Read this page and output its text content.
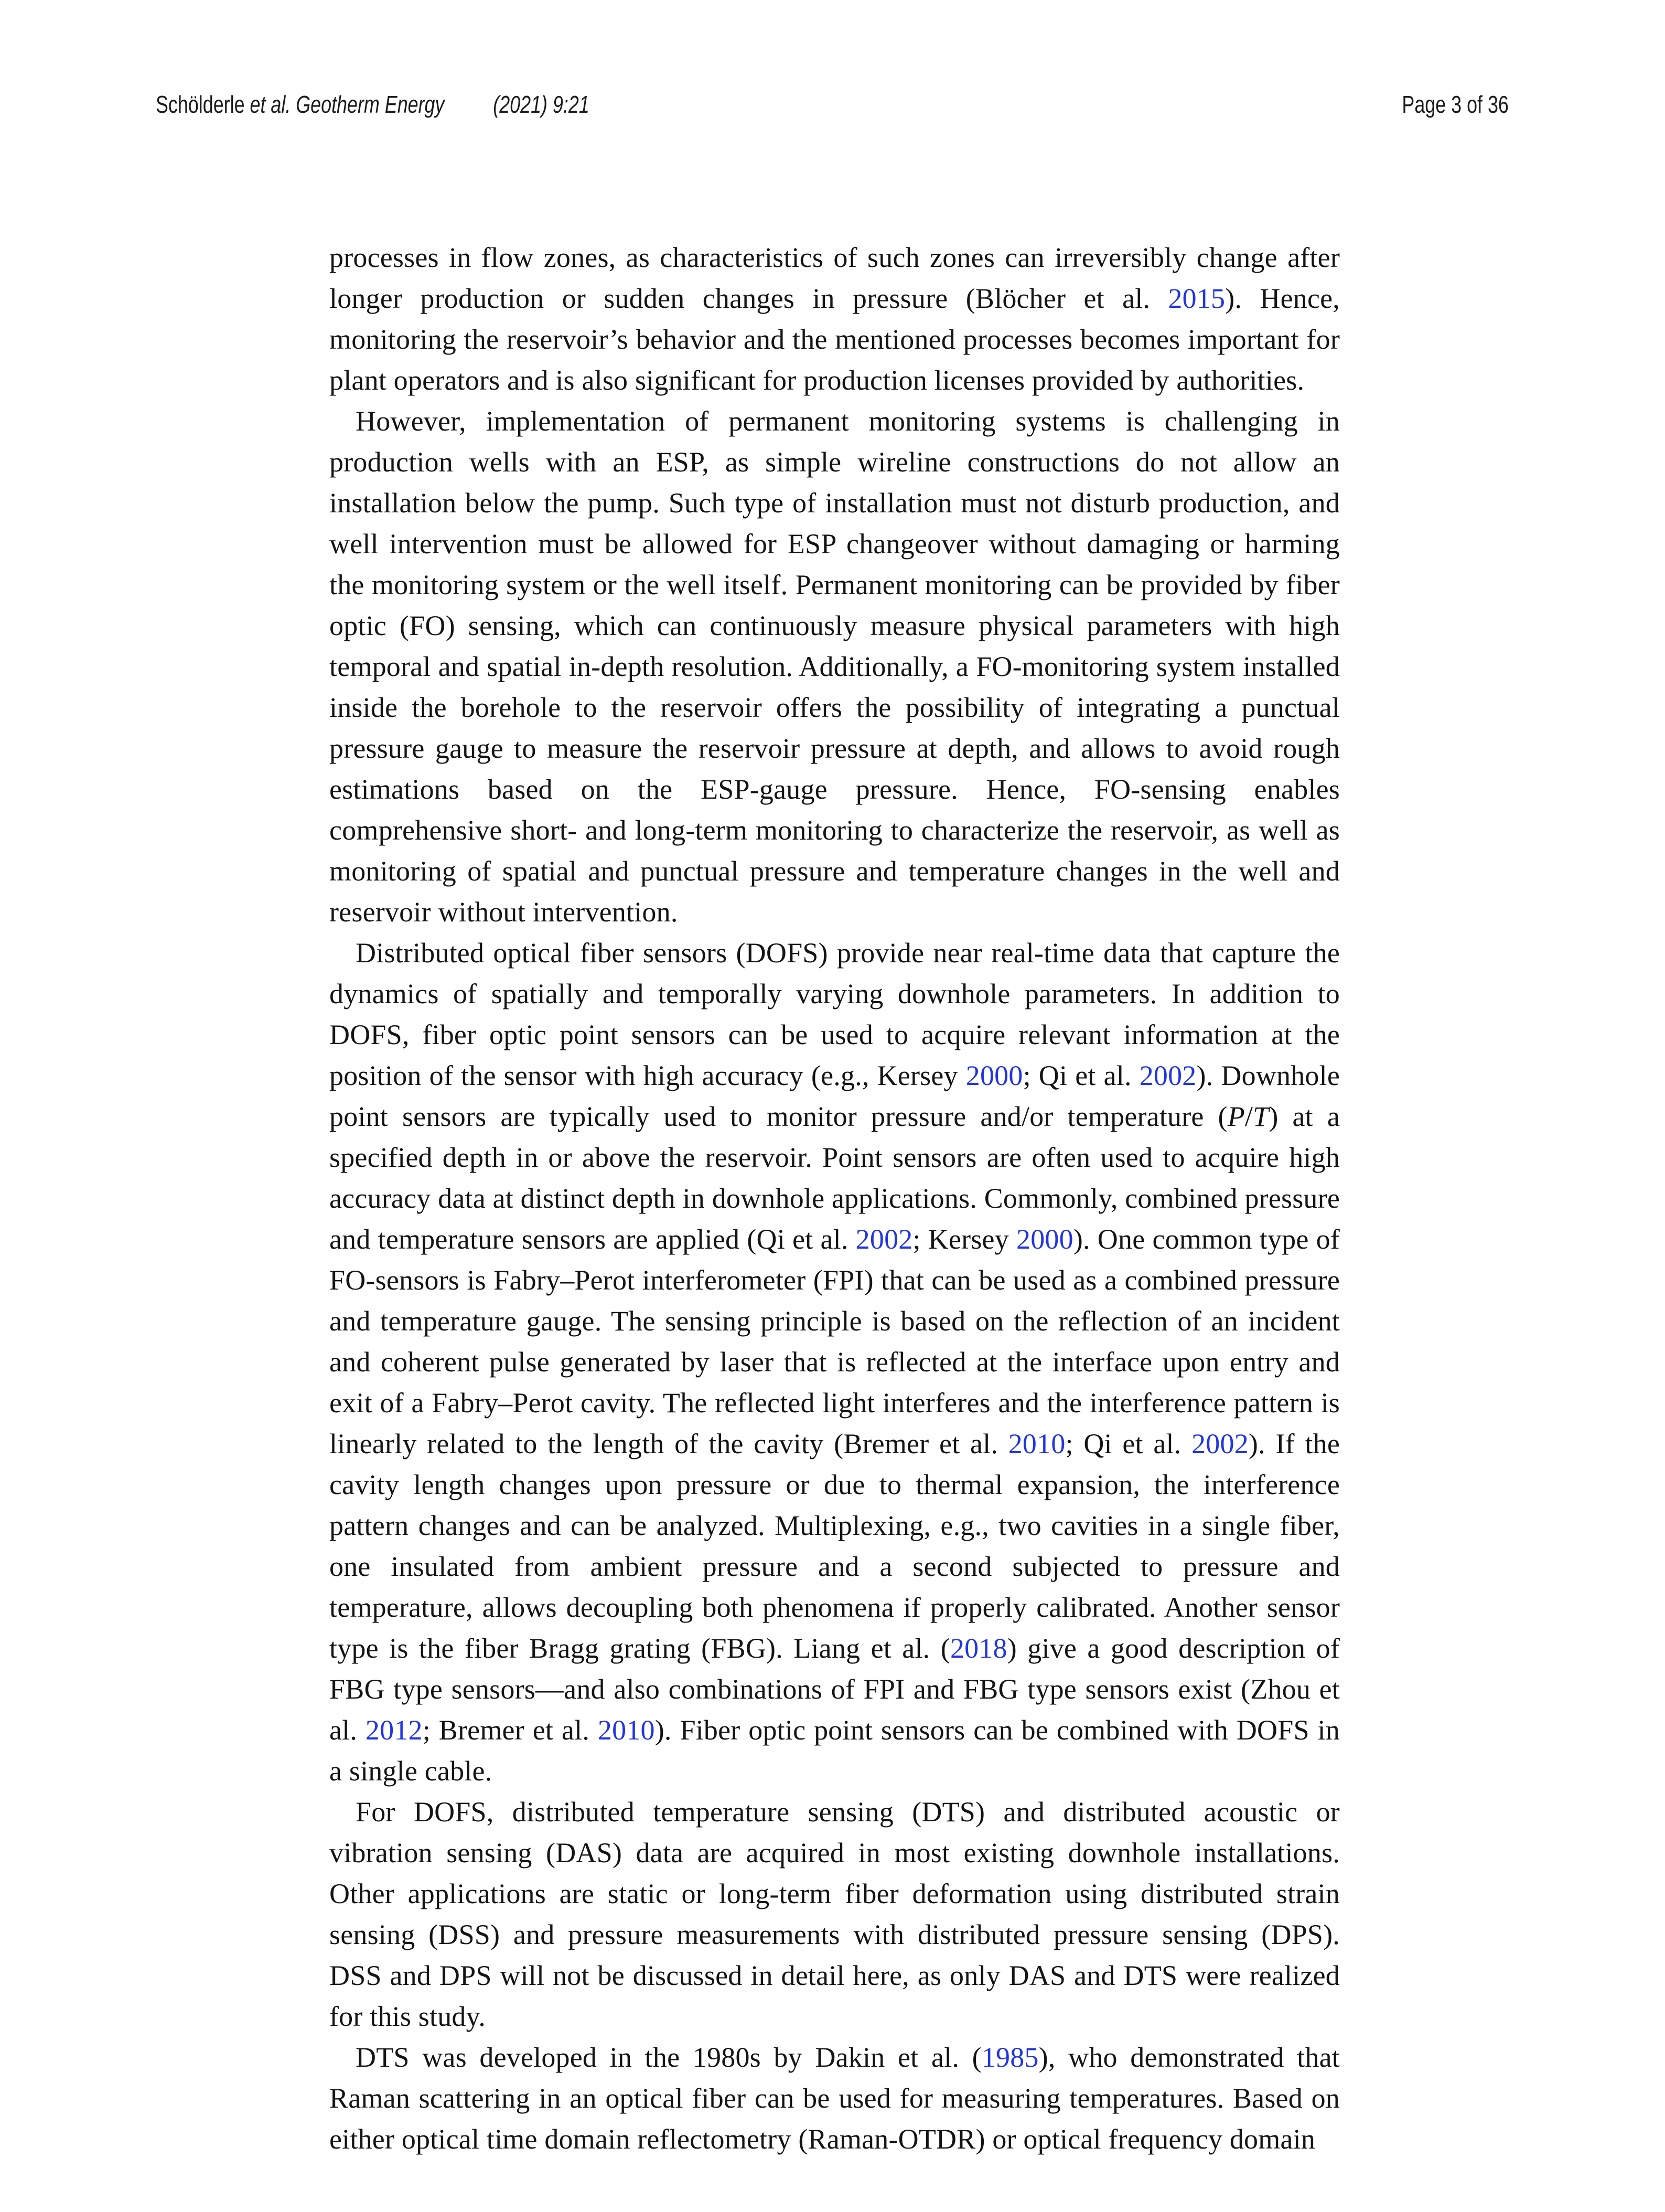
Schölderle et al. Geotherm Energy (2021) 9:21	Page 3 of 36

processes in flow zones, as characteristics of such zones can irreversibly change after longer production or sudden changes in pressure (Blöcher et al. 2015). Hence, monitoring the reservoir’s behavior and the mentioned processes becomes important for plant operators and is also significant for production licenses provided by authorities.

However, implementation of permanent monitoring systems is challenging in production wells with an ESP, as simple wireline constructions do not allow an installation below the pump. Such type of installation must not disturb production, and well intervention must be allowed for ESP changeover without damaging or harming the monitoring system or the well itself. Permanent monitoring can be provided by fiber optic (FO) sensing, which can continuously measure physical parameters with high temporal and spatial in-depth resolution. Additionally, a FO-monitoring system installed inside the borehole to the reservoir offers the possibility of integrating a punctual pressure gauge to measure the reservoir pressure at depth, and allows to avoid rough estimations based on the ESP-gauge pressure. Hence, FO-sensing enables comprehensive short- and long-term monitoring to characterize the reservoir, as well as monitoring of spatial and punctual pressure and temperature changes in the well and reservoir without intervention.

Distributed optical fiber sensors (DOFS) provide near real-time data that capture the dynamics of spatially and temporally varying downhole parameters. In addition to DOFS, fiber optic point sensors can be used to acquire relevant information at the position of the sensor with high accuracy (e.g., Kersey 2000; Qi et al. 2002). Downhole point sensors are typically used to monitor pressure and/or temperature (P/T) at a specified depth in or above the reservoir. Point sensors are often used to acquire high accuracy data at distinct depth in downhole applications. Commonly, combined pressure and temperature sensors are applied (Qi et al. 2002; Kersey 2000). One common type of FO-sensors is Fabry–Perot interferometer (FPI) that can be used as a combined pressure and temperature gauge. The sensing principle is based on the reflection of an incident and coherent pulse generated by laser that is reflected at the interface upon entry and exit of a Fabry–Perot cavity. The reflected light interferes and the interference pattern is linearly related to the length of the cavity (Bremer et al. 2010; Qi et al. 2002). If the cavity length changes upon pressure or due to thermal expansion, the interference pattern changes and can be analyzed. Multiplexing, e.g., two cavities in a single fiber, one insulated from ambient pressure and a second subjected to pressure and temperature, allows decoupling both phenomena if properly calibrated. Another sensor type is the fiber Bragg grating (FBG). Liang et al. (2018) give a good description of FBG type sensors—and also combinations of FPI and FBG type sensors exist (Zhou et al. 2012; Bremer et al. 2010). Fiber optic point sensors can be combined with DOFS in a single cable.

For DOFS, distributed temperature sensing (DTS) and distributed acoustic or vibration sensing (DAS) data are acquired in most existing downhole installations. Other applications are static or long-term fiber deformation using distributed strain sensing (DSS) and pressure measurements with distributed pressure sensing (DPS). DSS and DPS will not be discussed in detail here, as only DAS and DTS were realized for this study.

DTS was developed in the 1980s by Dakin et al. (1985), who demonstrated that Raman scattering in an optical fiber can be used for measuring temperatures. Based on either optical time domain reflectometry (Raman-OTDR) or optical frequency domain
